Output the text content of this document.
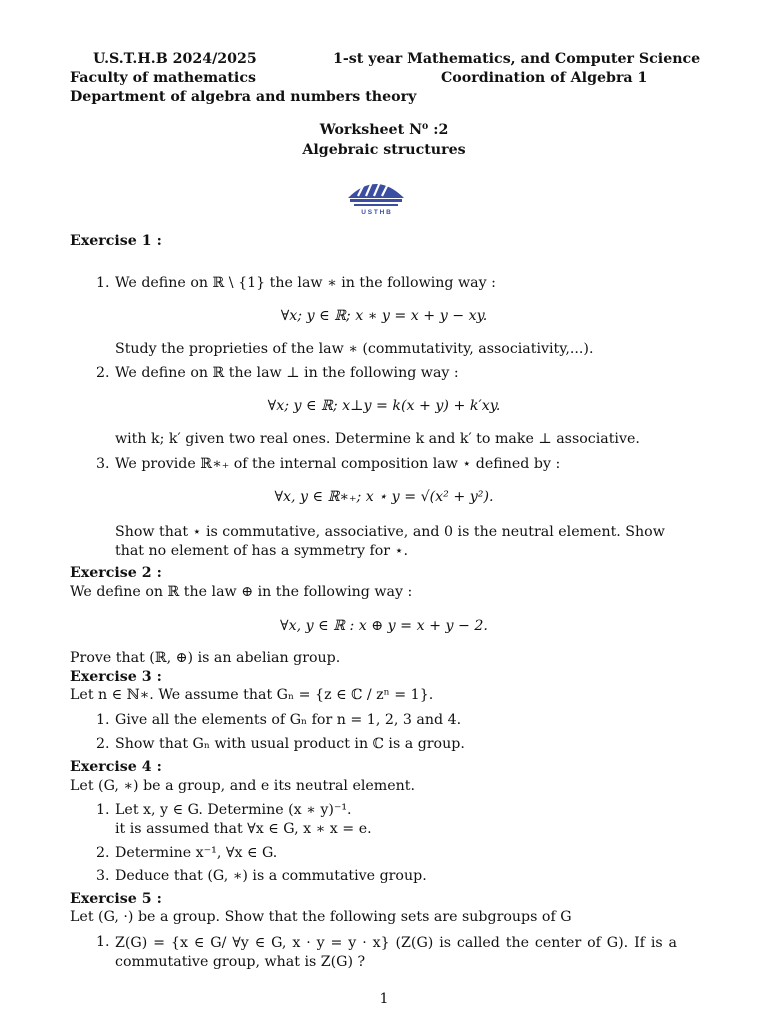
U.S.T.H.B 2024/2025	1-st year Mathematics, and Computer Science
Faculty of mathematics	Coordination of Algebra 1
Department of algebra and numbers theory
Worksheet N⁰ :2
Algebraic structures
U S T H B
Exercise 1 :
1. We define on ℝ \ {1} the law ∗ in the following way :
∀x; y ∈ ℝ; x ∗ y = x + y − xy.
Study the proprieties of the law ∗ (commutativity, associativity,...).
2. We define on ℝ the law ⊥ in the following way :
∀x; y ∈ ℝ; x⊥y = k(x + y) + k′xy.
with k; k′ given two real ones. Determine k and k′ to make ⊥ associative.
3. We provide ℝ∗₊ of the internal composition law ⋆ defined by :
∀x, y ∈ ℝ∗₊; x ⋆ y = √(x² + y²).
Show that ⋆ is commutative, associative, and 0 is the neutral element. Show that no element of has a symmetry for ⋆.
Exercise 2 :
We define on ℝ the law ⊕ in the following way :
∀x, y ∈ ℝ : x ⊕ y = x + y − 2.
Prove that (ℝ, ⊕) is an abelian group.
Exercise 3 :
Let n ∈ ℕ∗. We assume that Gₙ = {z ∈ ℂ / zⁿ = 1}.
1. Give all the elements of Gₙ for n = 1, 2, 3 and 4.
2. Show that Gₙ with usual product in ℂ is a group.
Exercise 4 :
Let (G, ∗) be a group, and e its neutral element.
1. Let x, y ∈ G. Determine (x ∗ y)⁻¹.
it is assumed that ∀x ∈ G, x ∗ x = e.
2. Determine x⁻¹, ∀x ∈ G.
3. Deduce that (G, ∗) is a commutative group.
Exercise 5 :
Let (G, ·) be a group. Show that the following sets are subgroups of G
1. Z(G) = {x ∈ G/ ∀y ∈ G, x · y = y · x} (Z(G) is called the center of G). If is a commutative group, what is Z(G) ?
1
